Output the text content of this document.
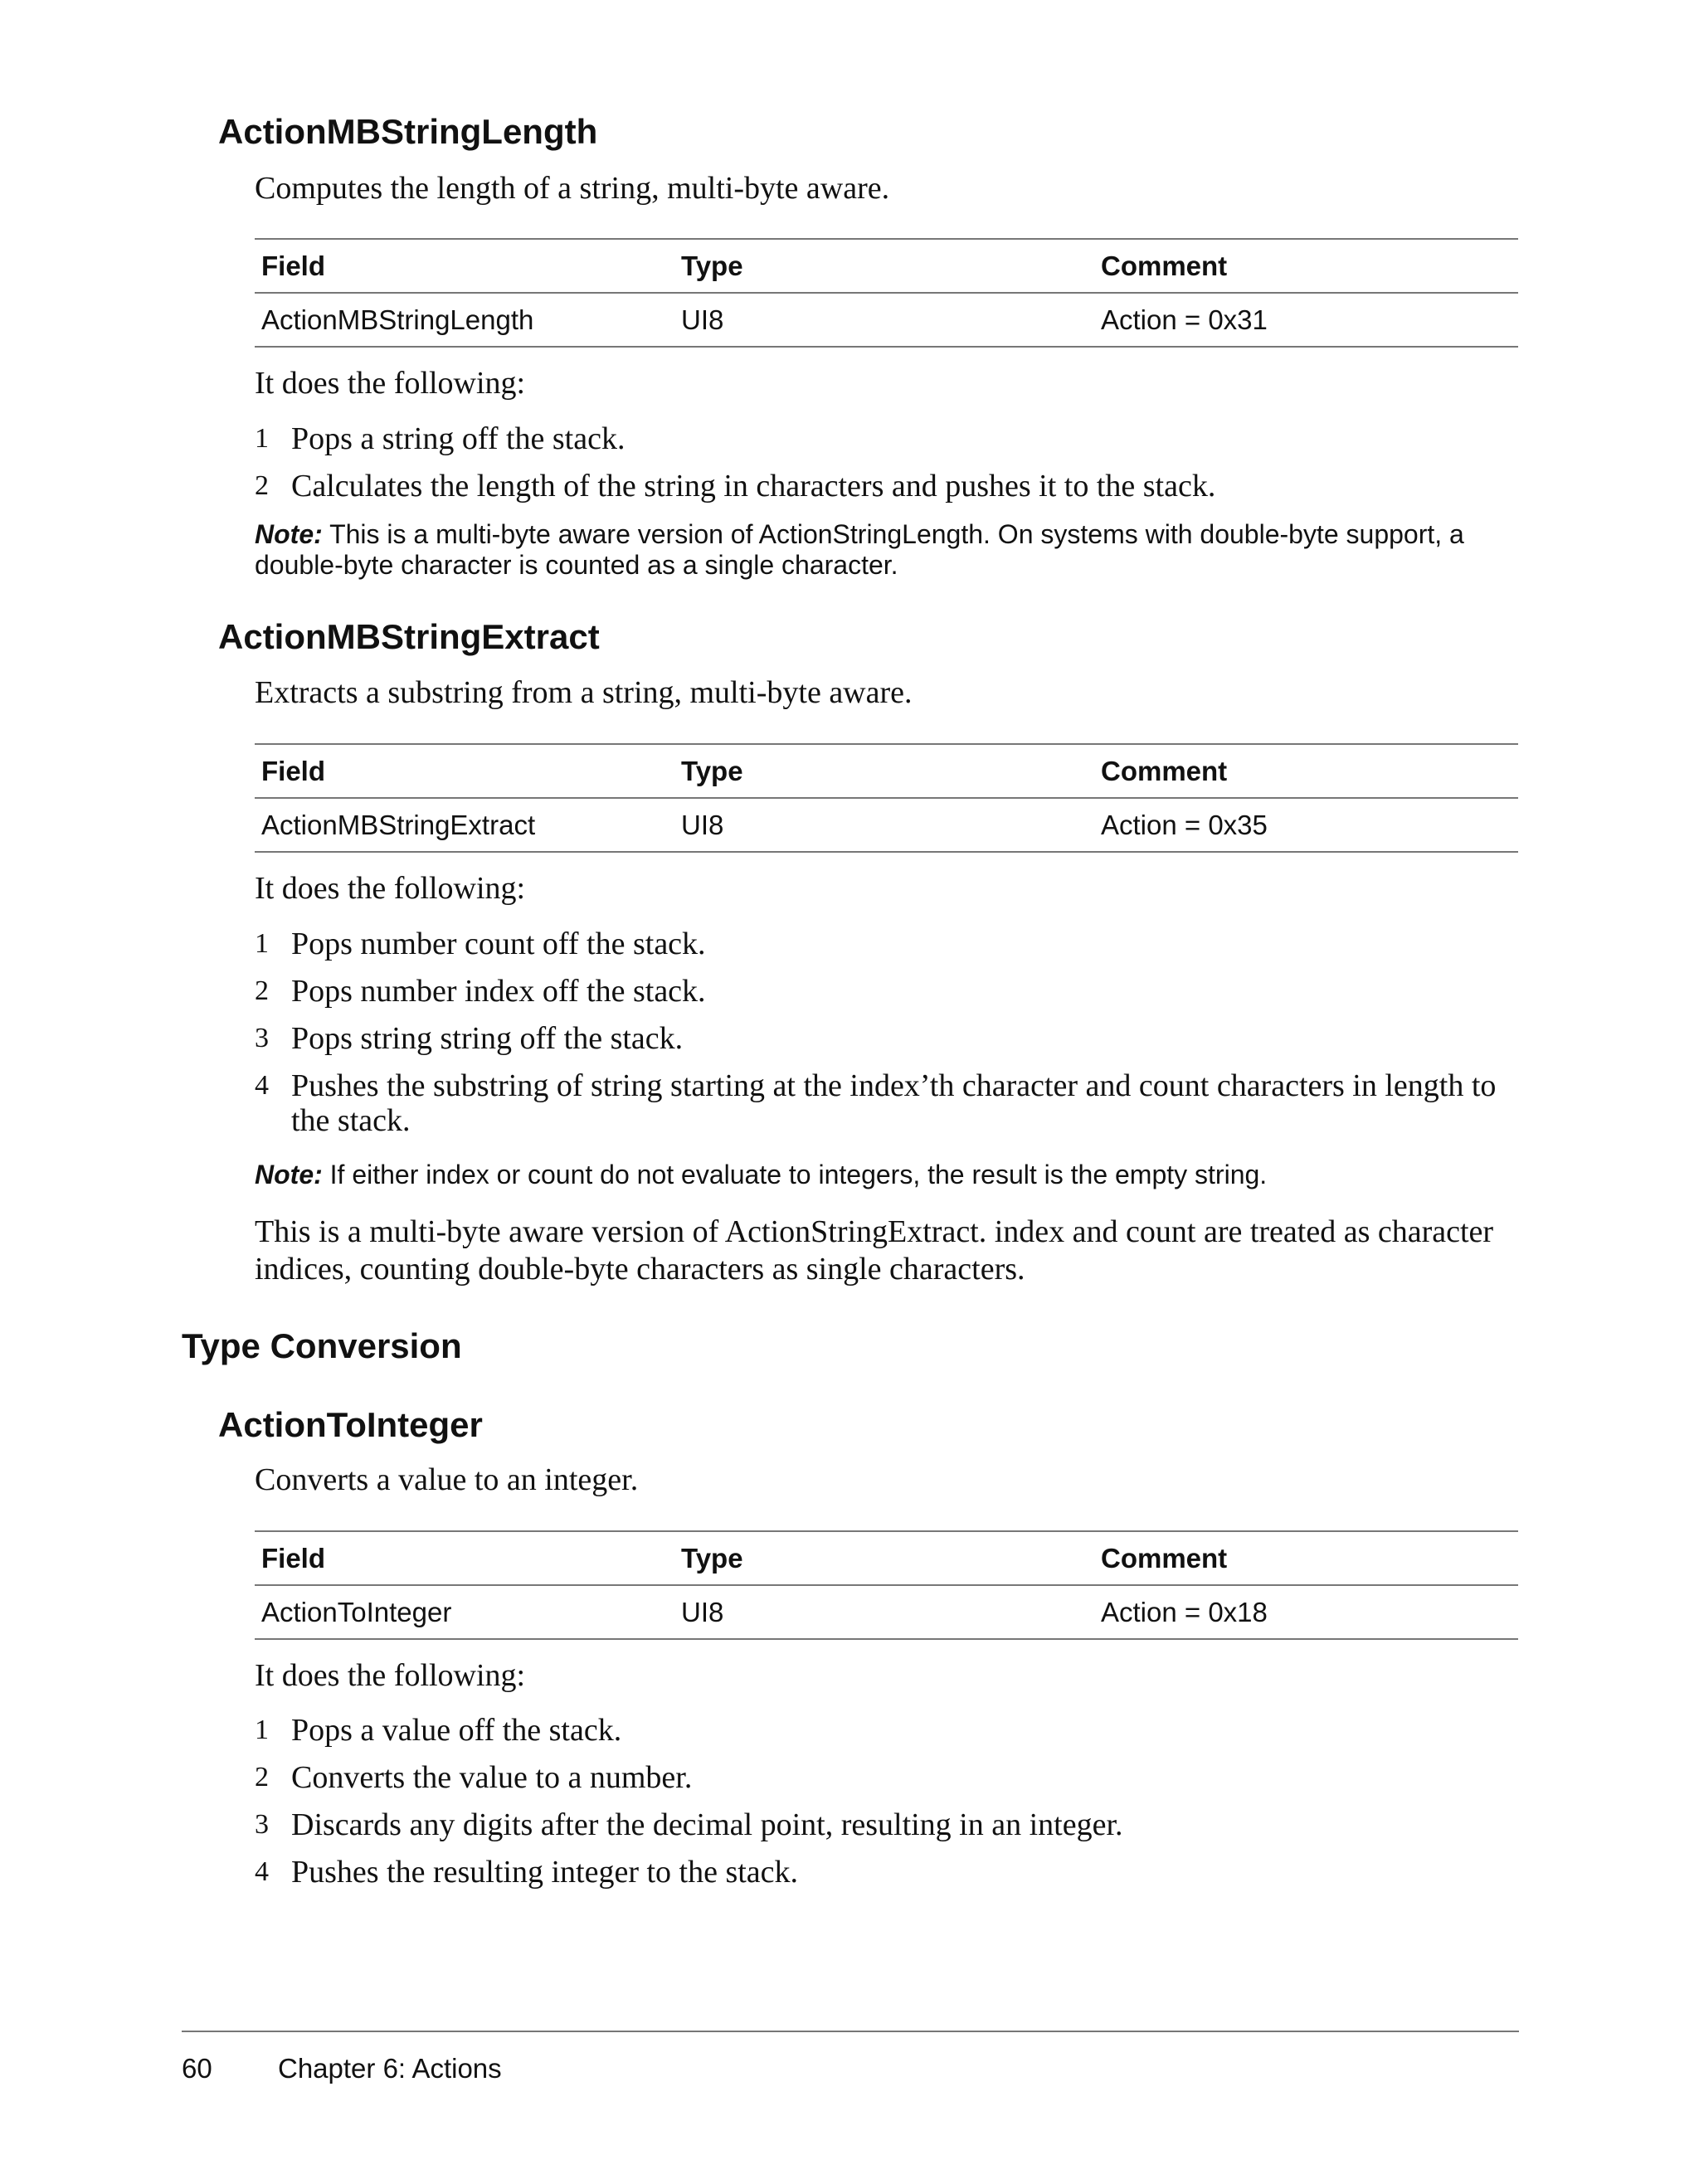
ActionMBStringLength

Computes the length of a string, multi-byte aware.

Field	Type	Comment
ActionMBStringLength	UI8	Action = 0x31

It does the following:

1 Pops a string off the stack.
2 Calculates the length of the string in characters and pushes it to the stack.

Note: This is a multi-byte aware version of ActionStringLength. On systems with double-byte support, a double-byte character is counted as a single character.

ActionMBStringExtract

Extracts a substring from a string, multi-byte aware.

Field	Type	Comment
ActionMBStringExtract	UI8	Action = 0x35

It does the following:

1 Pops number count off the stack.
2 Pops number index off the stack.
3 Pops string string off the stack.
4 Pushes the substring of string starting at the index’th character and count characters in length to the stack.

Note: If either index or count do not evaluate to integers, the result is the empty string.

This is a multi-byte aware version of ActionStringExtract. index and count are treated as character indices, counting double-byte characters as single characters.

Type Conversion
ActionToInteger

Converts a value to an integer.

Field	Type	Comment
ActionToInteger	UI8	Action = 0x18

It does the following:

1 Pops a value off the stack.
2 Converts the value to a number.
3 Discards any digits after the decimal point, resulting in an integer.
4 Pushes the resulting integer to the stack.
60 Chapter 6: Actions
